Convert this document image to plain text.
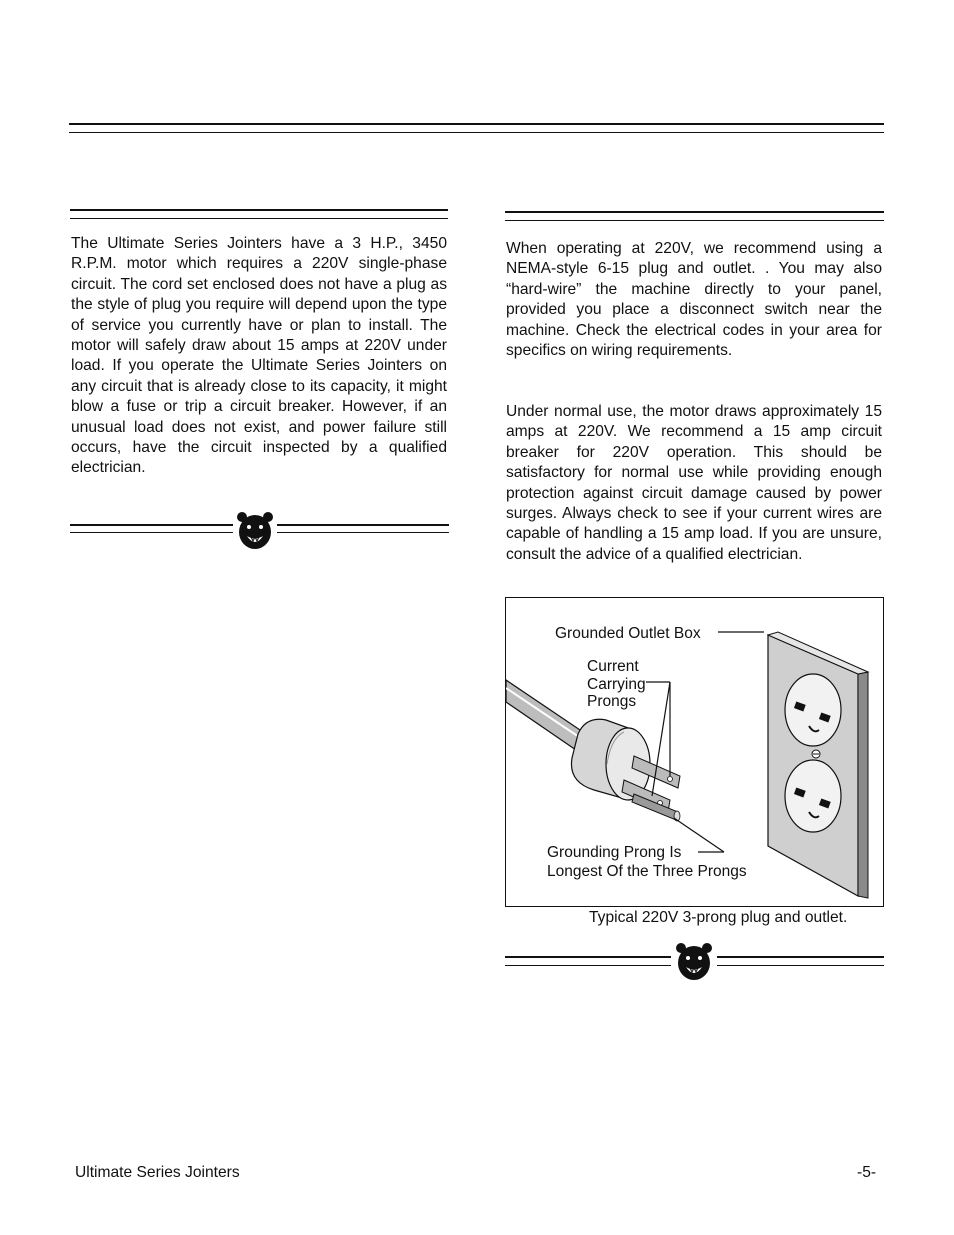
The Ultimate Series Jointers have a 3 H.P., 3450 R.P.M. motor which requires a 220V single-phase circuit. The cord set enclosed does not have a plug as the style of plug you require will depend upon the type of service you currently have or plan to install. The motor will safely draw about 15 amps at 220V under load. If you operate the Ultimate Series Jointers on any circuit that is already close to its capacity, it might blow a fuse or trip a circuit breaker. However, if an unusual load does not exist, and power failure still occurs, have the circuit inspected by a qualified electrician.

When operating at 220V, we recommend using a NEMA-style 6-15 plug and outlet. . You may also “hard-wire” the machine directly to your panel, provided you place a disconnect switch near the machine. Check the electrical codes in your area for specifics on wiring requirements.

Under normal use, the motor draws approximately 15 amps at 220V. We recommend a 15 amp circuit breaker for 220V operation. This should be satisfactory for normal use while providing enough protection against circuit damage caused by power surges. Always check to see if your current wires are capable of handling a 15 amp load. If you are unsure, consult the advice of a qualified electrician.

Grounded Outlet Box
Current
Carrying
Prongs
Grounding Prong Is
Longest Of the Three Prongs
Typical 220V 3-prong plug and outlet.
Ultimate Series Jointers	-5-
